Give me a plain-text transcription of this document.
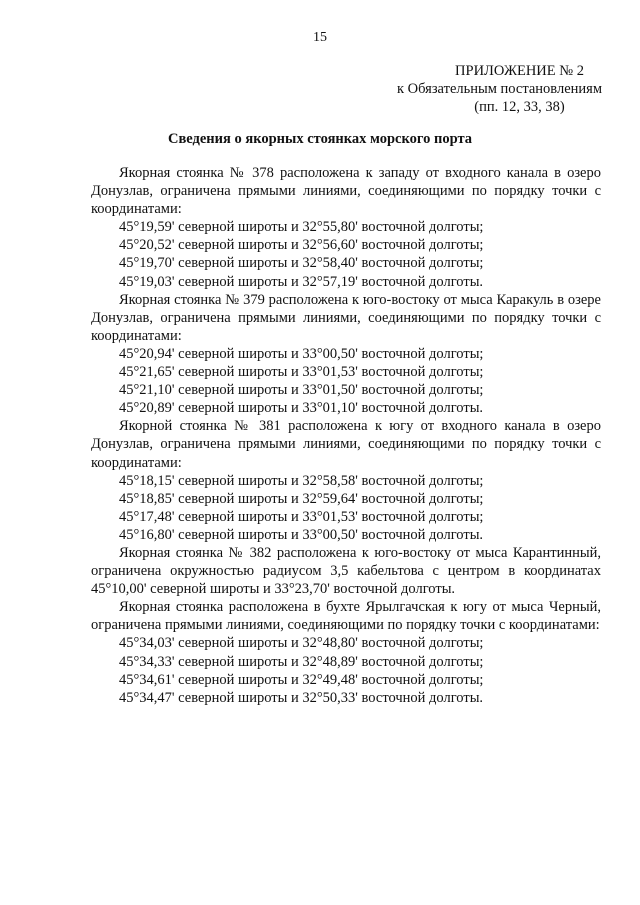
15
ПРИЛОЖЕНИЕ № 2
к Обязательным постановлениям
(пп. 12, 33, 38)
Сведения о якорных стоянках морского порта

Якорная стоянка № 378 расположена к западу от входного канала в озеро Донузлав, ограничена прямыми линиями, соединяющими по порядку точки с координатами:

45°19,59' северной широты и 32°55,80' восточной долготы;

45°20,52' северной широты и 32°56,60' восточной долготы;

45°19,70' северной широты и 32°58,40' восточной долготы;

45°19,03' северной широты и 32°57,19' восточной долготы.

Якорная стоянка № 379 расположена к юго-востоку от мыса Каракуль в озере Донузлав, ограничена прямыми линиями, соединяющими по порядку точки с координатами:

45°20,94' северной широты и 33°00,50' восточной долготы;

45°21,65' северной широты и 33°01,53' восточной долготы;

45°21,10' северной широты и 33°01,50' восточной долготы;

45°20,89' северной широты и 33°01,10' восточной долготы.

Якорной стоянка № 381 расположена к югу от входного канала в озеро Донузлав, ограничена прямыми линиями, соединяющими по порядку точки с координатами:

45°18,15' северной широты и 32°58,58' восточной долготы;

45°18,85' северной широты и 32°59,64' восточной долготы;

45°17,48' северной широты и 33°01,53' восточной долготы;

45°16,80' северной широты и 33°00,50' восточной долготы.

Якорная стоянка № 382 расположена к юго-востоку от мыса Карантинный, ограничена окружностью радиусом 3,5 кабельтова с центром в координатах 45°10,00' северной широты и 33°23,70' восточной долготы.

Якорная стоянка расположена в бухте Ярылгачская к югу от мыса Черный, ограничена прямыми линиями, соединяющими по порядку точки с координатами:

45°34,03' северной широты и 32°48,80' восточной долготы;

45°34,33' северной широты и 32°48,89' восточной долготы;

45°34,61' северной широты и 32°49,48' восточной долготы;

45°34,47' северной широты и 32°50,33' восточной долготы.
